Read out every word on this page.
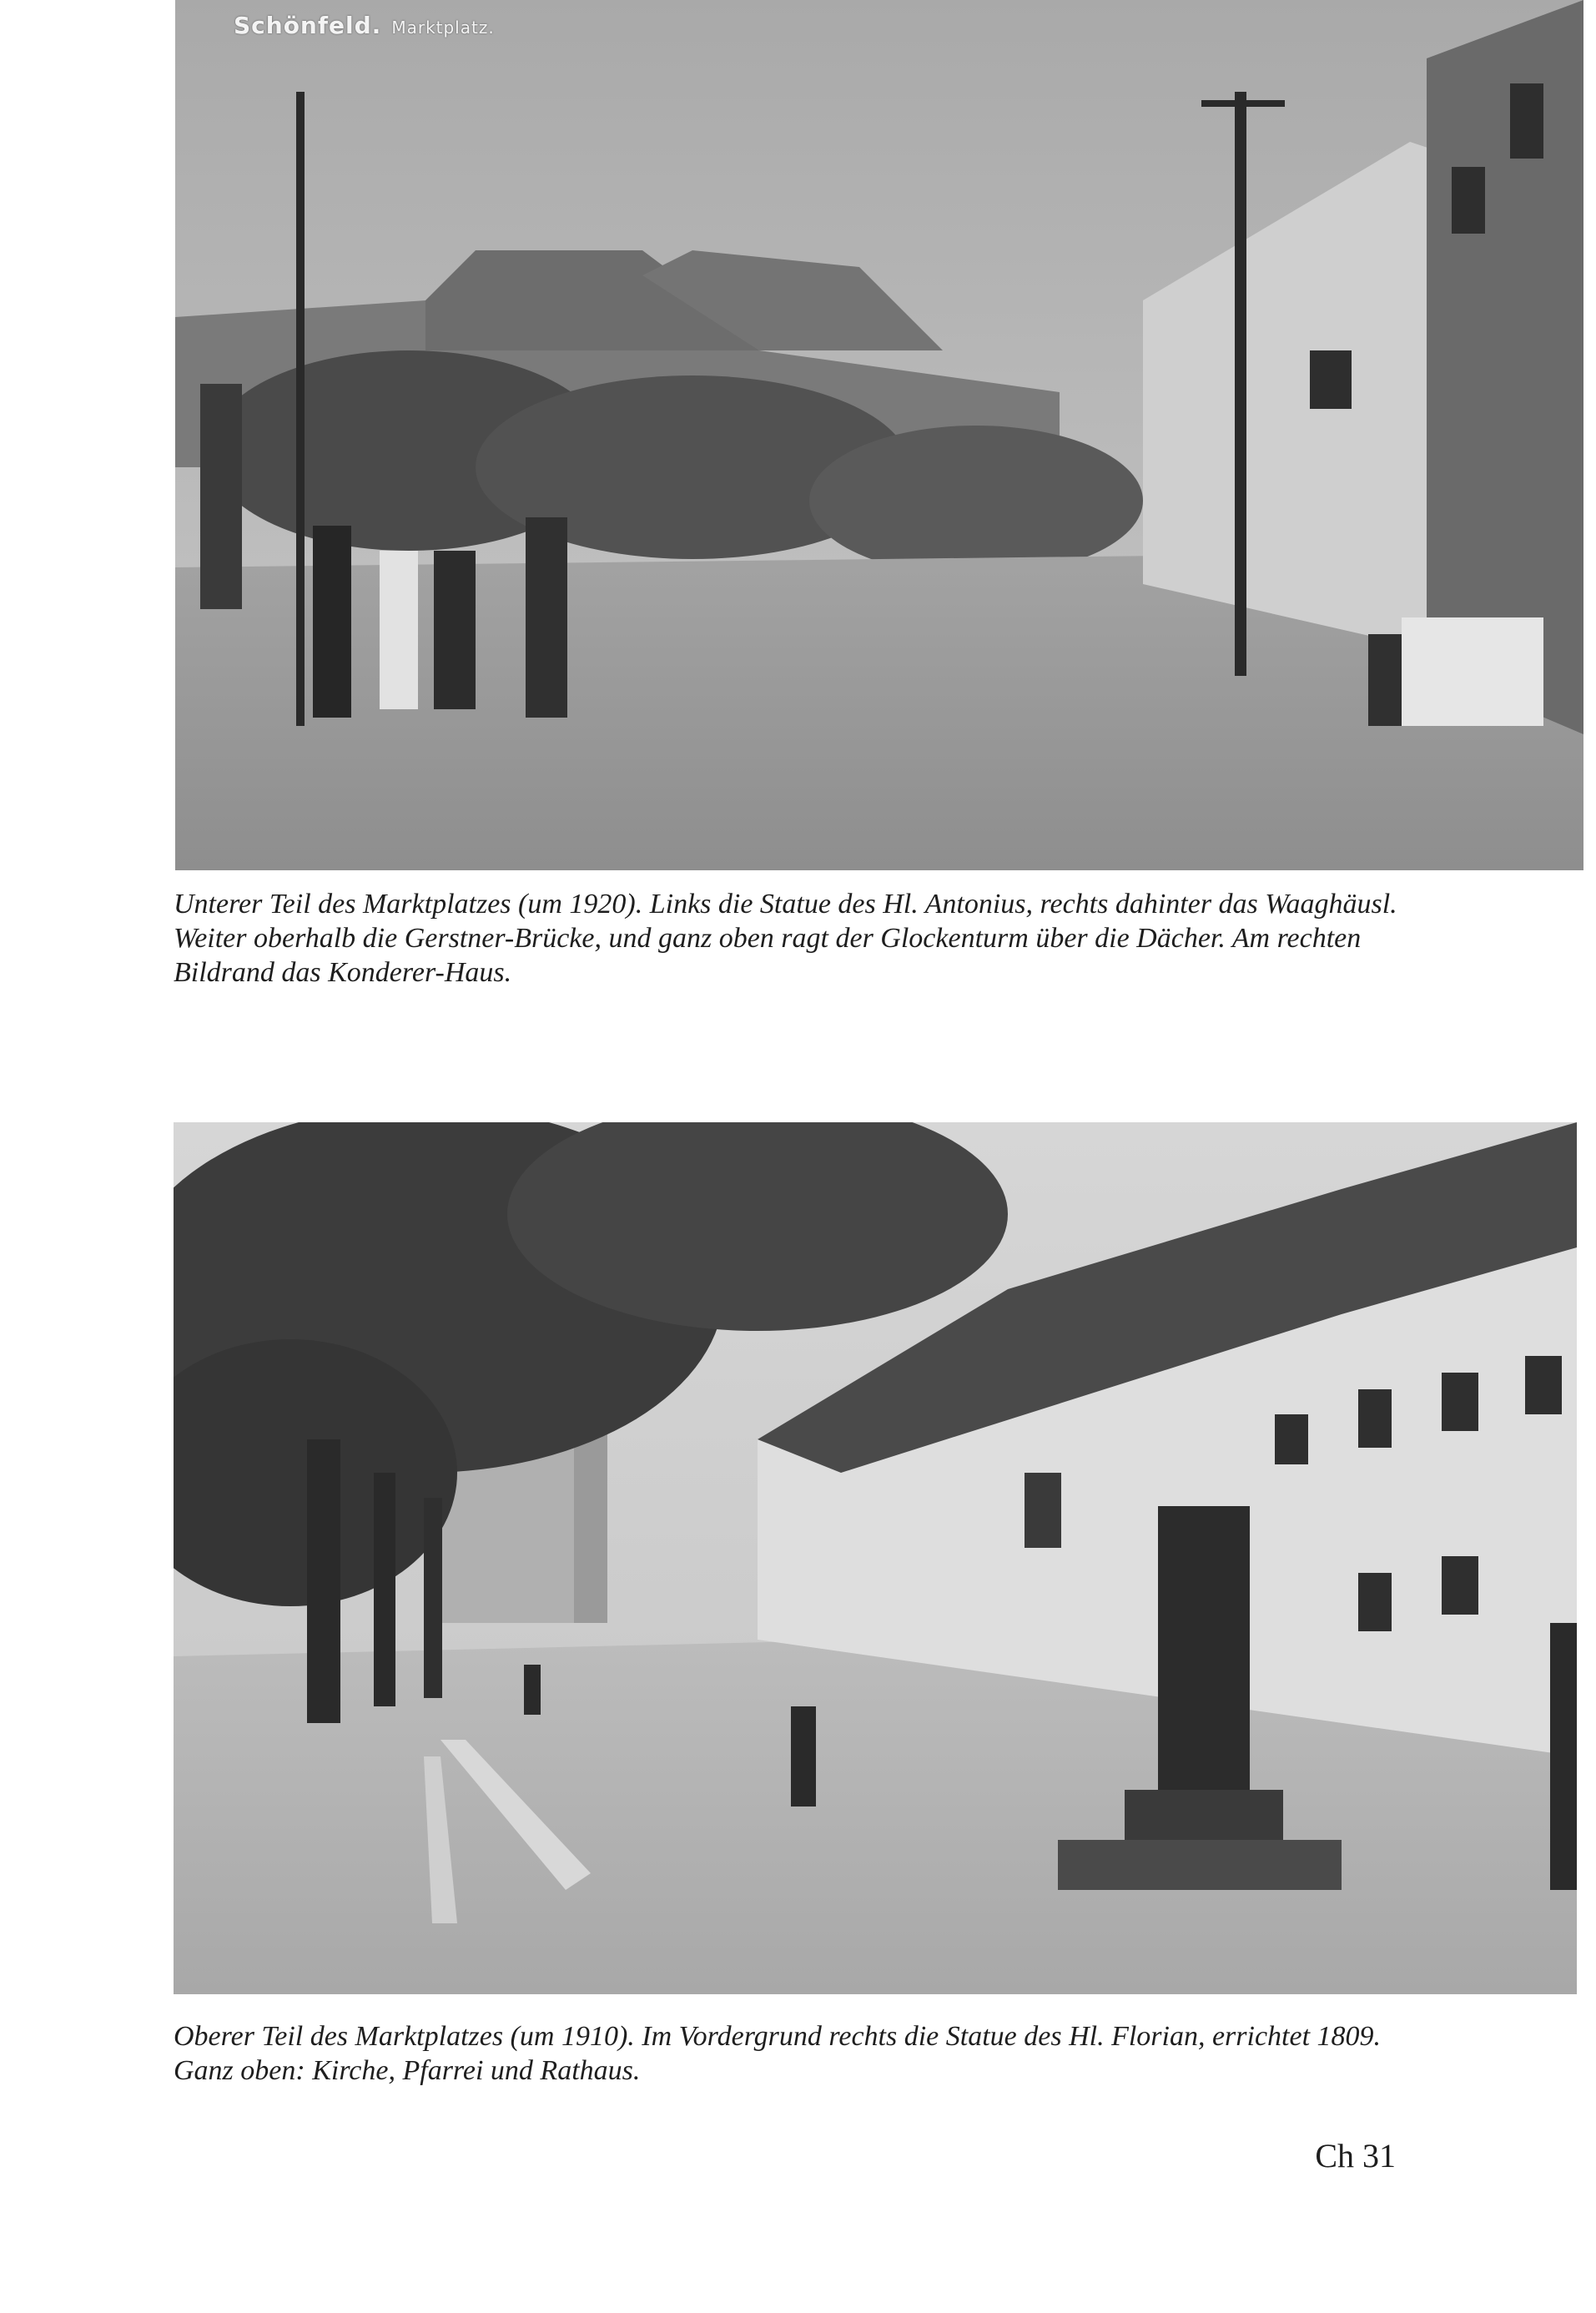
Schönfeld. Marktplatz.

Unterer Teil des Marktplatzes (um 1920). Links die Statue des Hl. Antonius, rechts dahinter das Waaghäusl. Weiter oberhalb die Gerstner-Brücke, und ganz oben ragt der Glockenturm über die Dächer. Am rechten Bildrand das Konderer-Haus.

Oberer Teil des Marktplatzes (um 1910). Im Vordergrund rechts die Statue des Hl. Florian, errichtet 1809. Ganz oben: Kirche, Pfarrei und Rathaus.

Ch 31
